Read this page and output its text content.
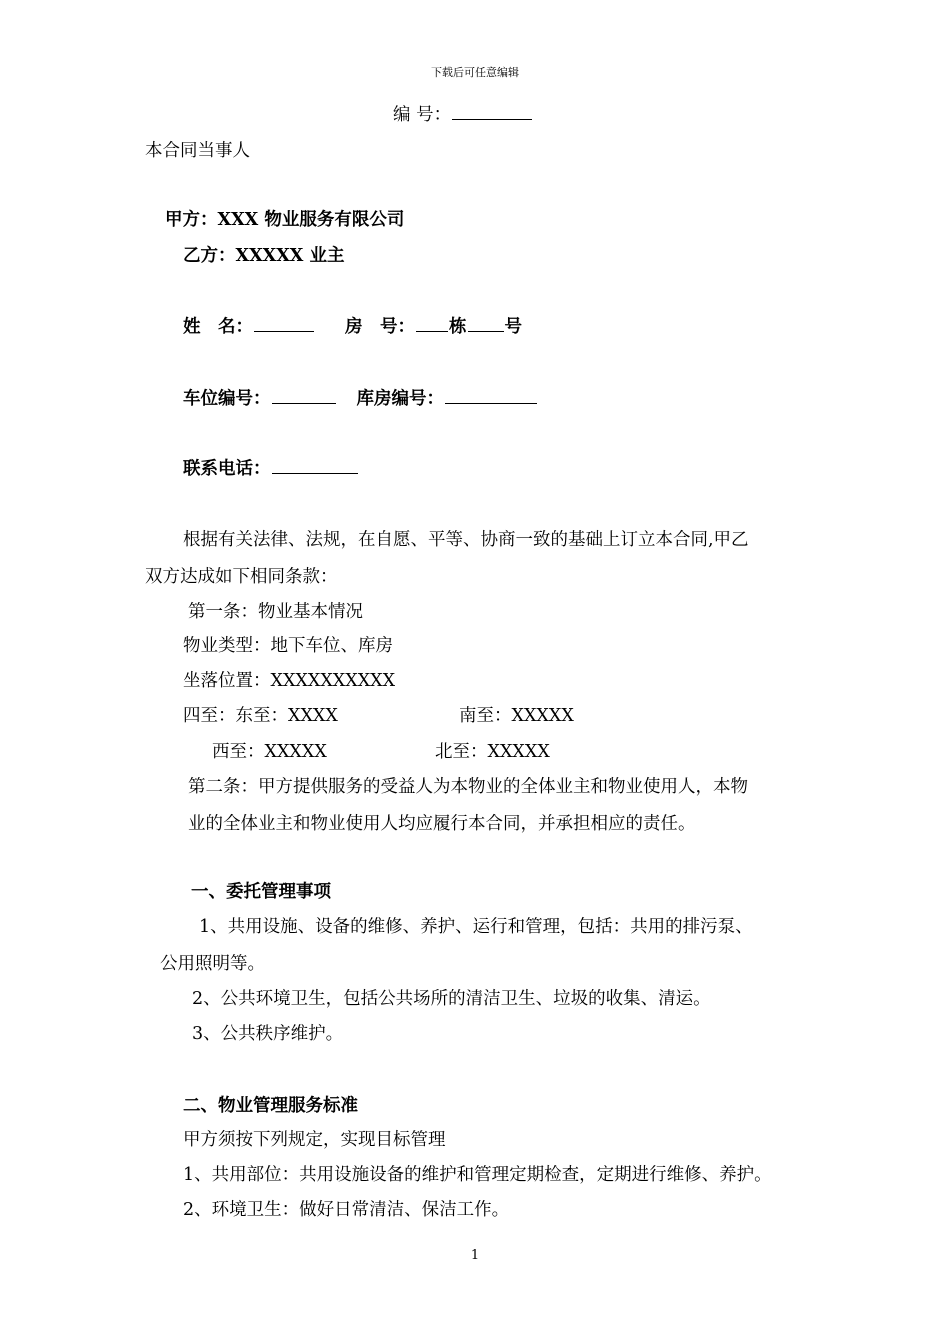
下载后可任意编辑
编 号：
本合同当事人
甲方：XXX 物业服务有限公司
乙方：XXXXX 业主
姓　名：	房　号： 栋 号
车位编号：	库房编号：
联系电话：
根据有关法律、法规，在自愿、平等、协商一致的基础上订立本合同,甲乙
双方达成如下相同条款：
第一条：物业基本情况
物业类型：地下车位、库房
坐落位置：XXXXXXXXXX
四至：东至：XXXX	南至：XXXXX
西至：XXXXX	北至：XXXXX
第二条：甲方提供服务的受益人为本物业的全体业主和物业使用人，本物
业的全体业主和物业使用人均应履行本合同，并承担相应的责任。
一、委托管理事项
1、共用设施、设备的维修、养护、运行和管理，包括：共用的排污泵、
公用照明等。
2、公共环境卫生，包括公共场所的清洁卫生、垃圾的收集、清运。
3、公共秩序维护。
二、物业管理服务标准
甲方须按下列规定，实现目标管理
1、共用部位：共用设施设备的维护和管理定期检查，定期进行维修、养护。
2、环境卫生：做好日常清洁、保洁工作。
1
